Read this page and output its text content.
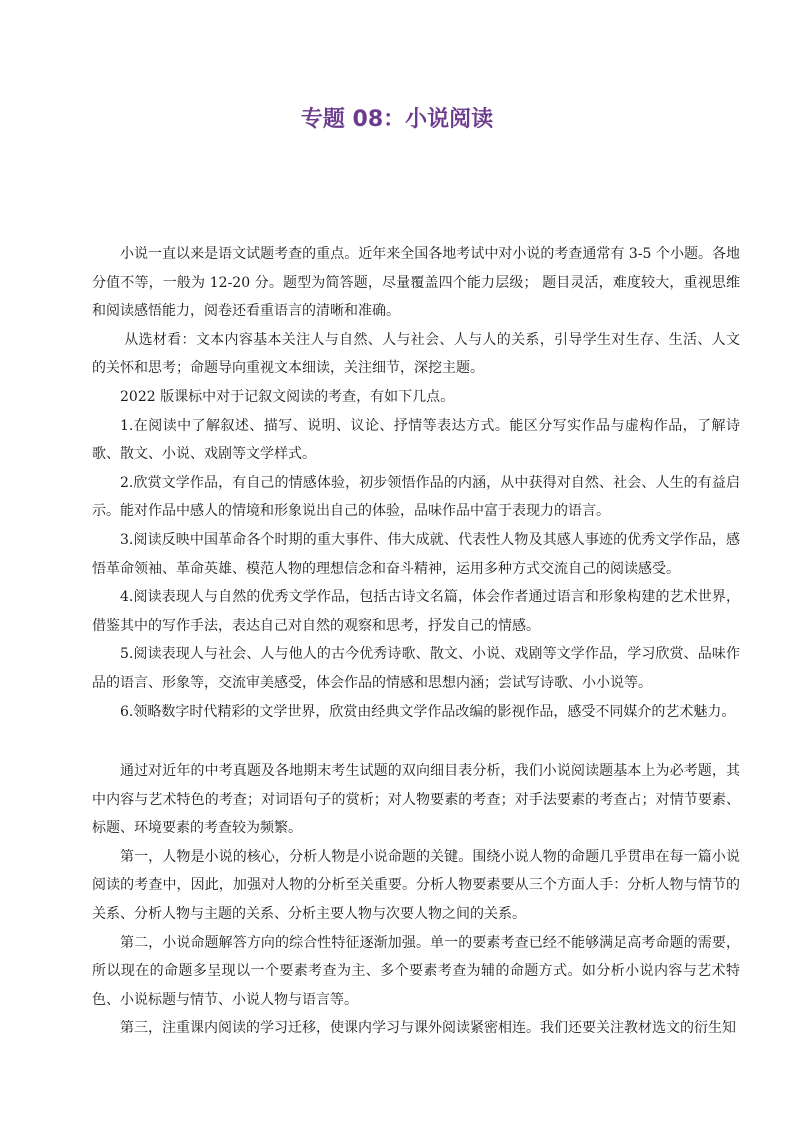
专题 08：小说阅读

小说一直以来是语文试题考查的重点。近年来全国各地考试中对小说的考查通常有 3-5 个小题。各地分值不等，一般为 12-20 分。题型为简答题，尽量覆盖四个能力层级； 题目灵活，难度较大，重视思维和阅读感悟能力，阅卷还看重语言的清晰和准确。

从选材看：文本内容基本关注人与自然、人与社会、人与人的关系，引导学生对生存、生活、人文的关怀和思考；命题导向重视文本细读，关注细节，深挖主题。

2022 版课标中对于记叙文阅读的考查，有如下几点。

1.在阅读中了解叙述、描写、说明、议论、抒情等表达方式。能区分写实作品与虚构作品，了解诗歌、散文、小说、戏剧等文学样式。

2.欣赏文学作品，有自己的情感体验，初步领悟作品的内涵，从中获得对自然、社会、人生的有益启示。能对作品中感人的情境和形象说出自己的体验，品味作品中富于表现力的语言。

3.阅读反映中国革命各个时期的重大事件、伟大成就、代表性人物及其感人事迹的优秀文学作品，感悟革命领袖、革命英雄、模范人物的理想信念和奋斗精神，运用多种方式交流自己的阅读感受。

4.阅读表现人与自然的优秀文学作品，包括古诗文名篇，体会作者通过语言和形象构建的艺术世界，借鉴其中的写作手法，表达自己对自然的观察和思考，抒发自己的情感。

5.阅读表现人与社会、人与他人的古今优秀诗歌、散文、小说、戏剧等文学作品，学习欣赏、品味作品的语言、形象等，交流审美感受，体会作品的情感和思想内涵；尝试写诗歌、小小说等。

6.领略数字时代精彩的文学世界，欣赏由经典文学作品改编的影视作品，感受不同媒介的艺术魅力。

通过对近年的中考真题及各地期末考生试题的双向细目表分析，我们小说阅读题基本上为必考题，其中内容与艺术特色的考查；对词语句子的赏析；对人物要素的考查；对手法要素的考查占；对情节要素、标题、环境要素的考查较为频繁。

第一，人物是小说的核心，分析人物是小说命题的关键。围绕小说人物的命题几乎贯串在每一篇小说阅读的考查中，因此，加强对人物的分析至关重要。分析人物要素要从三个方面人手：分析人物与情节的关系、分析人物与主题的关系、分析主要人物与次要人物之间的关系。

第二，小说命题解答方向的综合性特征逐渐加强。单一的要素考查已经不能够满足高考命题的需要，所以现在的命题多呈现以一个要素考查为主、多个要素考查为辅的命题方式。如分析小说内容与艺术特色、小说标题与情节、小说人物与语言等。

第三，注重课内阅读的学习迁移，使课内学习与课外阅读紧密相连。我们还要关注教材选文的衍生知
